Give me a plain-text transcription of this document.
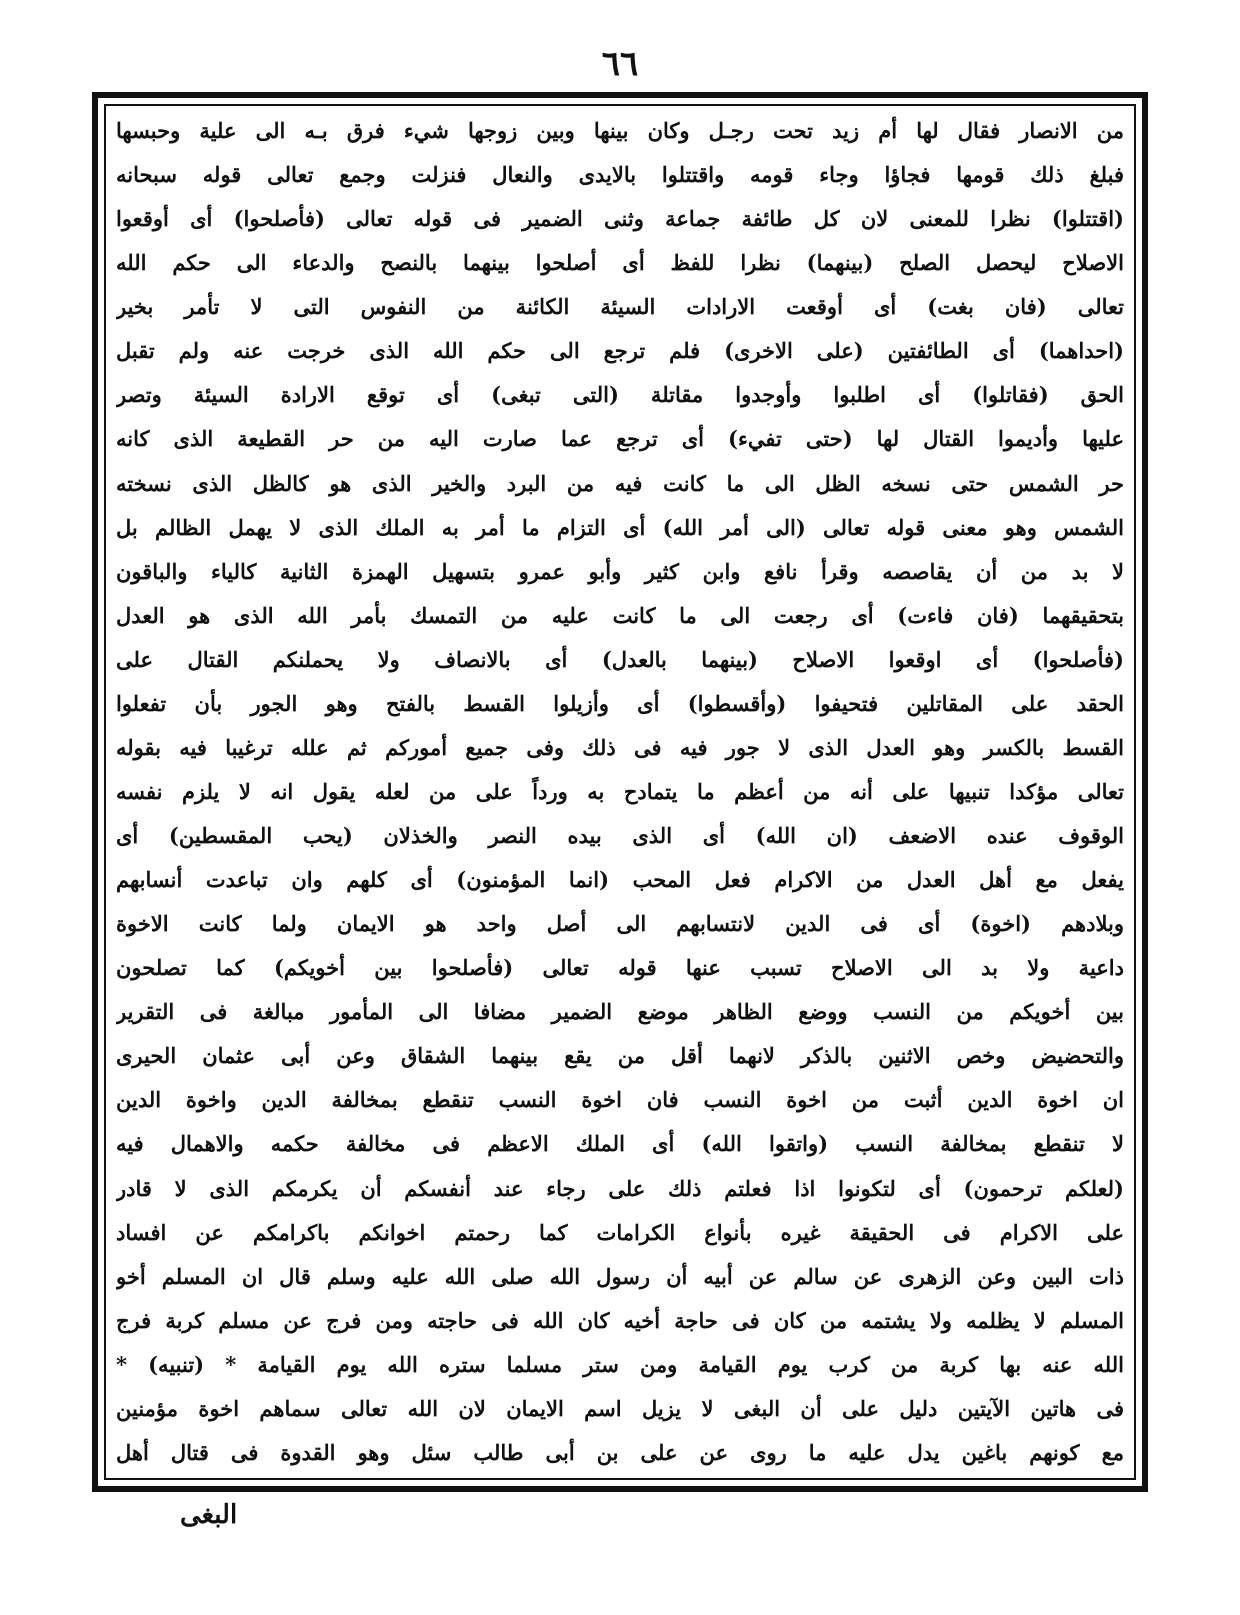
٦٦
من الانصار فقال لها أم زيد تحت رجـل وكان بينها وبين زوجها شيء فرق بـه الى علية وحبسها
فبلغ ذلك قومها فجاؤا وجاء قومه واقتتلوا بالايدى والنعال فنزلت وجمع تعالى قوله سبحانه
(اقتتلوا) نظرا للمعنى لان كل طائفة جماعة وثنى الضمير فى قوله تعالى (فأصلحوا) أى أوقعوا
الاصلاح ليحصل الصلح (بينهما) نظرا للفظ أى أصلحوا بينهما بالنصح والدعاء الى حكم الله
تعالى (فان بغت) أى أوقعت الارادات السيئة الكائنة من النفوس التى لا تأمر بخير
(احداهما) أى الطائفتين (على الاخرى) فلم ترجع الى حكم الله الذى خرجت عنه ولم تقبل
الحق (فقاتلوا) أى اطلبوا وأوجدوا مقاتلة (التى تبغى) أى توقع الارادة السيئة وتصر
عليها وأديموا القتال لها (حتى تفيء) أى ترجع عما صارت اليه من حر القطيعة الذى كانه
حر الشمس حتى نسخه الظل الى ما كانت فيه من البرد والخير الذى هو كالظل الذى نسخته
الشمس وهو معنى قوله تعالى (الى أمر الله) أى التزام ما أمر به الملك الذى لا يهمل الظالم بل
لا بد من أن يقاصصه وقرأ نافع وابن كثير وأبو عمرو بتسهيل الهمزة الثانية كالياء والباقون
بتحقيقهما (فان فاءت) أى رجعت الى ما كانت عليه من التمسك بأمر الله الذى هو العدل
(فأصلحوا) أى اوقعوا الاصلاح (بينهما بالعدل) أى بالانصاف ولا يحملنكم القتال على
الحقد على المقاتلين فتحيفوا (وأقسطوا) أى وأزيلوا القسط بالفتح وهو الجور بأن تفعلوا
القسط بالكسر وهو العدل الذى لا جور فيه فى ذلك وفى جميع أموركم ثم علله ترغيبا فيه بقوله
تعالى مؤكدا تنبيها على أنه من أعظم ما يتمادح به ورداً على من لعله يقول انه لا يلزم نفسه
الوقوف عنده الاضعف (ان الله) أى الذى بيده النصر والخذلان (يحب المقسطين) أى
يفعل مع أهل العدل من الاكرام فعل المحب (انما المؤمنون) أى كلهم وان تباعدت أنسابهم
وبلادهم (اخوة) أى فى الدين لانتسابهم الى أصل واحد هو الايمان ولما كانت الاخوة
داعية ولا بد الى الاصلاح تسبب عنها قوله تعالى (فأصلحوا بين أخويكم) كما تصلحون
بين أخويكم من النسب ووضع الظاهر موضع الضمير مضافا الى المأمور مبالغة فى التقرير
والتحضيض وخص الاثنين بالذكر لانهما أقل من يقع بينهما الشقاق وعن أبى عثمان الحيرى
ان اخوة الدين أثبت من اخوة النسب فان اخوة النسب تنقطع بمخالفة الدين واخوة الدين
لا تنقطع بمخالفة النسب (واتقوا الله) أى الملك الاعظم فى مخالفة حكمه والاهمال فيه
(لعلكم ترحمون) أى لتكونوا اذا فعلتم ذلك على رجاء عند أنفسكم أن يكرمكم الذى لا قادر
على الاكرام فى الحقيقة غيره بأنواع الكرامات كما رحمتم اخوانكم باكرامكم عن افساد
ذات البين وعن الزهرى عن سالم عن أبيه أن رسول الله صلى الله عليه وسلم قال ان المسلم أخو
المسلم لا يظلمه ولا يشتمه من كان فى حاجة أخيه كان الله فى حاجته ومن فرج عن مسلم كربة فرج
الله عنه بها كربة من كرب يوم القيامة ومن ستر مسلما ستره الله يوم القيامة * (تنبيه) *
فى هاتين الآيتين دليل على أن البغى لا يزيل اسم الايمان لان الله تعالى سماهم اخوة مؤمنين
مع كونهم باغين يدل عليه ما روى عن على بن أبى طالب سئل وهو القدوة فى قتال أهل
البغى
